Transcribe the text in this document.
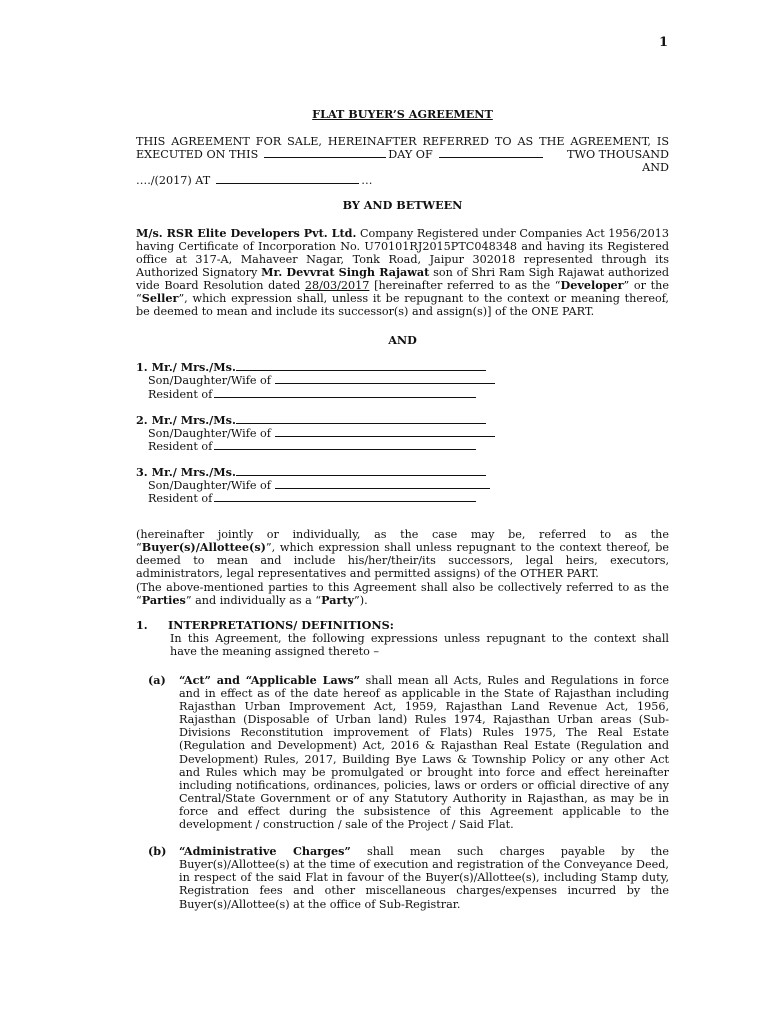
1
FLAT BUYER’S AGREEMENT
THIS AGREEMENT FOR SALE, HEREINAFTER REFERRED TO AS THE AGREEMENT, IS
EXECUTED ON THIS	DAY OF	TWO THOUSAND AND
…./(2017) AT	…
BY AND BETWEEN
M/s. RSR Elite Developers Pvt. Ltd. Company Registered under Companies Act 1956/2013 having Certificate of Incorporation No. U70101RJ2015PTC048348 and having its Registered office at 317-A, Mahaveer Nagar, Tonk Road, Jaipur 302018 represented through its Authorized Signatory Mr. Devvrat Singh Rajawat son of Shri Ram Sigh Rajawat authorized vide Board Resolution dated 28/03/2017 [hereinafter referred to as the “Developer” or the “Seller”, which expression shall, unless it be repugnant to the context or meaning thereof, be deemed to mean and include its successor(s) and assign(s)] of the ONE PART.
AND
1. Mr./ Mrs./Ms.
Son/Daughter/Wife of
Resident of
2. Mr./ Mrs./Ms.
Son/Daughter/Wife of
Resident of
3. Mr./ Mrs./Ms.
Son/Daughter/Wife of
Resident of
(hereinafter jointly or individually, as the case may be, referred to as the “Buyer(s)/Allottee(s)”, which expression shall unless repugnant to the context thereof, be deemed to mean and include his/her/their/its successors, legal heirs, executors, administrators, legal representatives and permitted assigns) of the OTHER PART.
(The above-mentioned parties to this Agreement shall also be collectively referred to as the “Parties” and individually as a “Party”).
1.	INTERPRETATIONS/ DEFINITIONS:
In this Agreement, the following expressions unless repugnant to the context shall have the meaning assigned thereto –
(a)	“Act” and “Applicable Laws” shall mean all Acts, Rules and Regulations in force and in effect as of the date hereof as applicable in the State of Rajasthan including Rajasthan Urban Improvement Act, 1959, Rajasthan Land Revenue Act, 1956, Rajasthan (Disposable of Urban land) Rules 1974, Rajasthan Urban areas (Sub-Divisions Reconstitution improvement of Flats) Rules 1975, The Real Estate (Regulation and Development) Act, 2016 & Rajasthan Real Estate (Regulation and Development) Rules, 2017, Building Bye Laws & Township Policy or any other Act and Rules which may be promulgated or brought into force and effect hereinafter including notifications, ordinances, policies, laws or orders or official directive of any Central/State Government or of any Statutory Authority in Rajasthan, as may be in force and effect during the subsistence of this Agreement applicable to the development / construction / sale of the Project / Said Flat.
(b)	“Administrative Charges” shall mean such charges payable by the Buyer(s)/Allottee(s) at the time of execution and registration of the Conveyance Deed, in respect of the said Flat in favour of the Buyer(s)/Allottee(s), including Stamp duty, Registration fees and other miscellaneous charges/expenses incurred by the Buyer(s)/Allottee(s) at the office of Sub-Registrar.
